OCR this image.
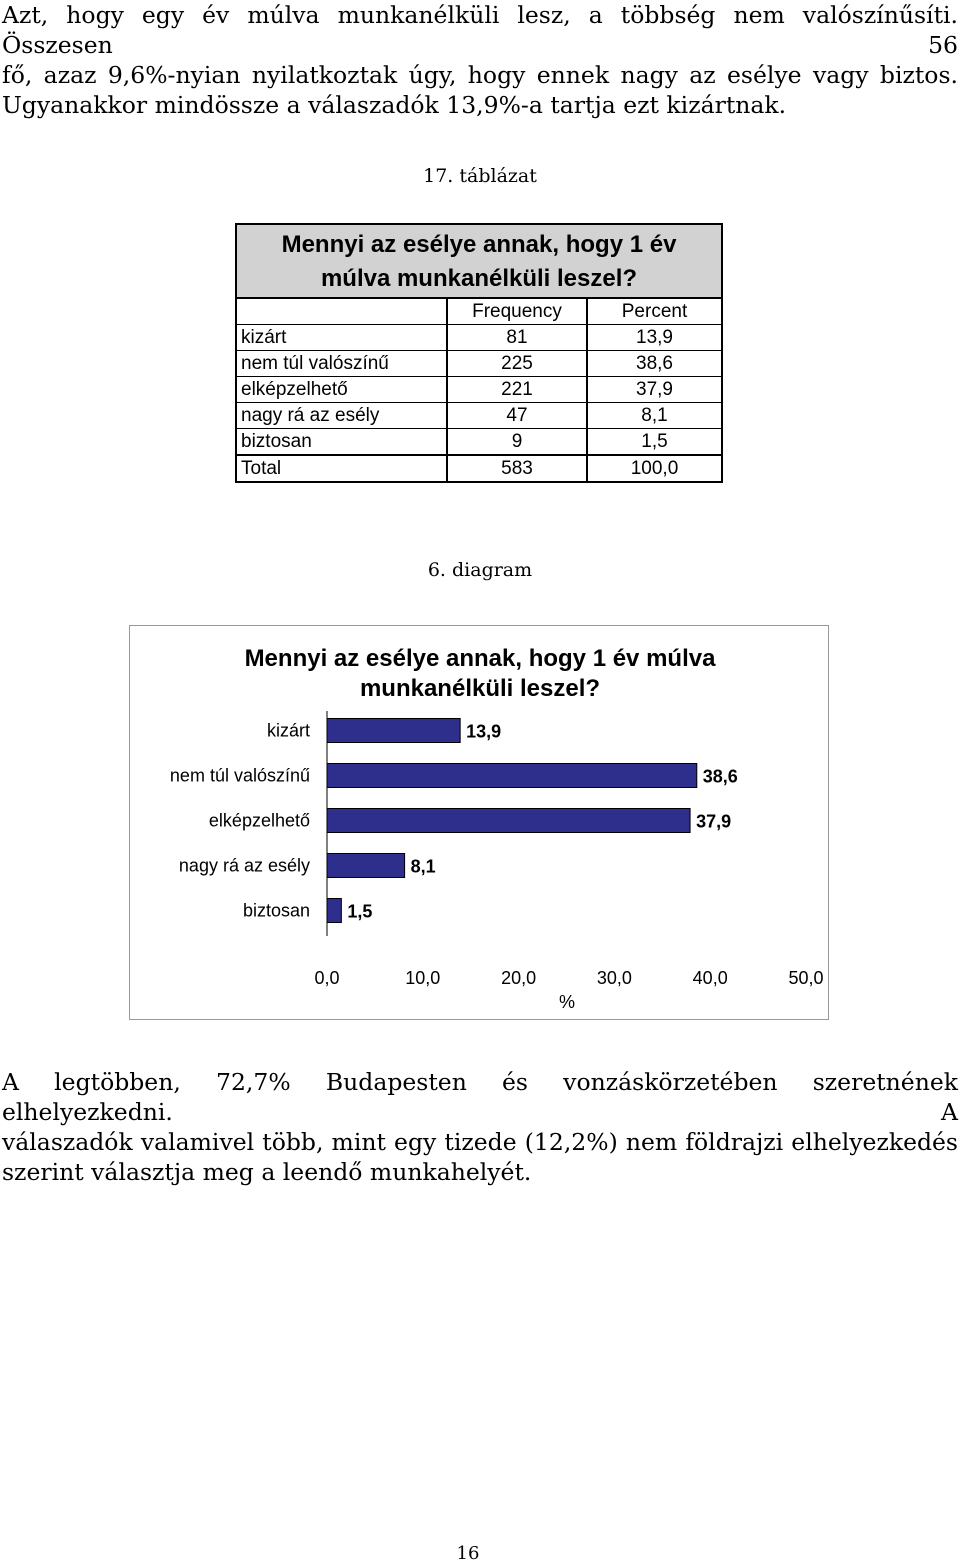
Azt, hogy egy év múlva munkanélküli lesz, a többség nem valószínűsíti. Összesen 56
fő, azaz 9,6%-nyian nyilatkoztak úgy, hogy ennek nagy az esélye vagy biztos.
Ugyanakkor mindössze a válaszadók 13,9%-a tartja ezt kizártnak.
17. táblázat
Mennyi az esélye annak, hogy 1 év
múlva munkanélküli leszel?		

	Frequency	Percent
kizárt	81	13,9
nem túl valószínű	225	38,6
elképzelhető	221	37,9
nagy rá az esély	47	8,1
biztosan	9	1,5
Total	583	100,0
6. diagram
Mennyi az esélye annak, hogy 1 év múlva
munkanélküli leszel?
kizárt	13,9
nem túl valószínű	38,6
elképzelhető	37,9
nagy rá az esély	8,1
biztosan 1,5
0,0	10,0	20,0	30,0	40,0	50,0
%
A legtöbben, 72,7% Budapesten és vonzáskörzetében szeretnének elhelyezkedni. A
válaszadók valamivel több, mint egy tizede (12,2%) nem földrajzi elhelyezkedés
szerint választja meg a leendő munkahelyét.
16
